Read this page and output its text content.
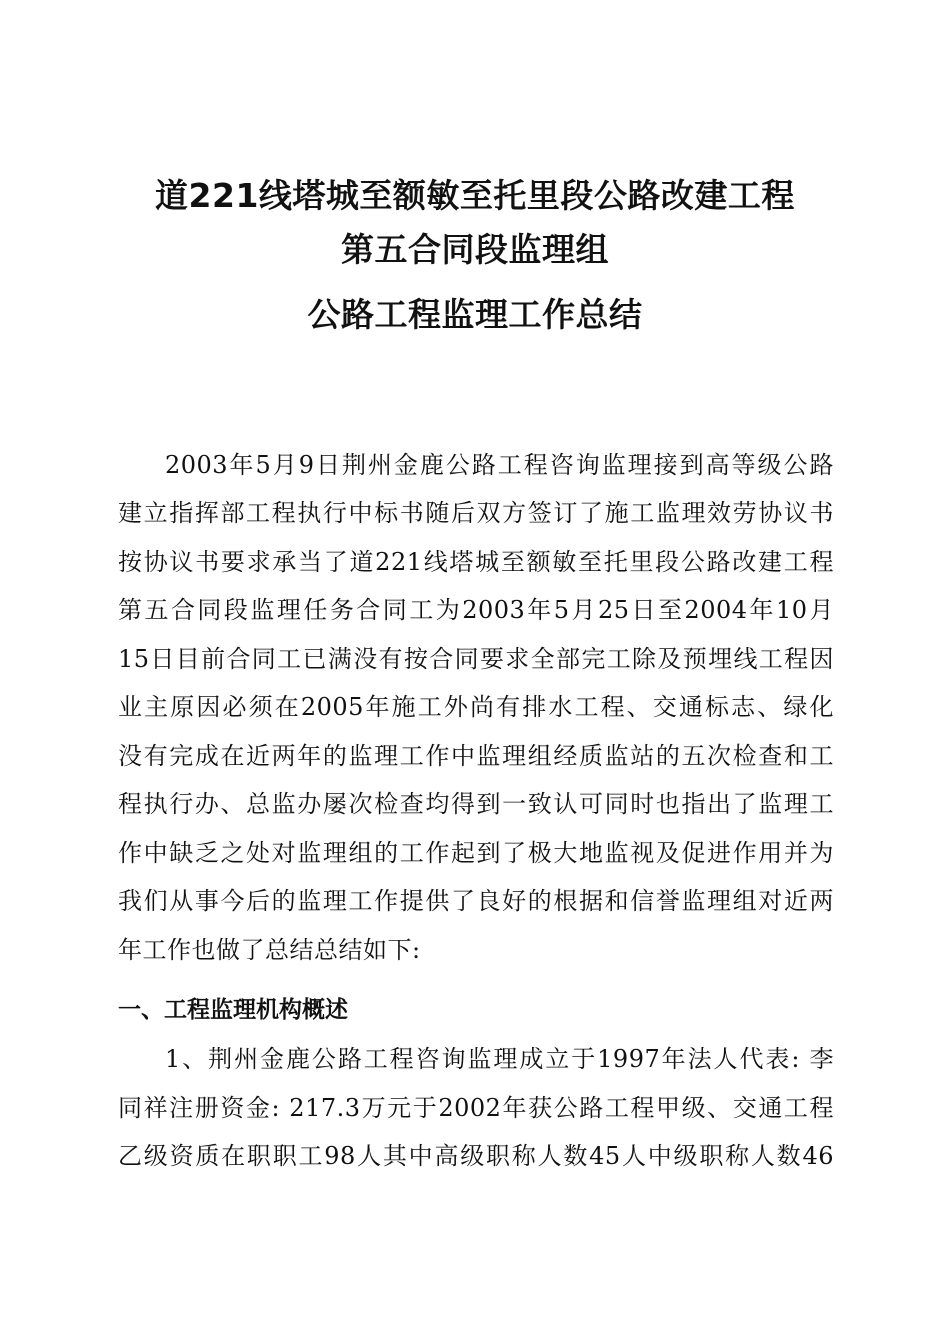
道221线塔城至额敏至托里段公路改建工程
第五合同段监理组
公路工程监理工作总结
2003年5月9日荆州金鹿公路工程咨询监理接到高等级公路
建立指挥部工程执行中标书随后双方签订了施工监理效劳协议书
按协议书要求承当了道221线塔城至额敏至托里段公路改建工程
第五合同段监理任务合同工为2003年5月25日至2004年10月
15日目前合同工已满没有按合同要求全部完工除及预埋线工程因
业主原因必须在2005年施工外尚有排水工程、交通标志、绿化
没有完成在近两年的监理工作中监理组经质监站的五次检查和工
程执行办、总监办屡次检查均得到一致认可同时也指出了监理工
作中缺乏之处对监理组的工作起到了极大地监视及促进作用并为
我们从事今后的监理工作提供了良好的根据和信誉监理组对近两
年工作也做了总结总结如下:
一、工程监理机构概述
1、荆州金鹿公路工程咨询监理成立于1997年法人代表: 李
同祥注册资金: 217.3万元于2002年获公路工程甲级、交通工程
乙级资质在职职工98人其中高级职称人数45人中级职称人数46
